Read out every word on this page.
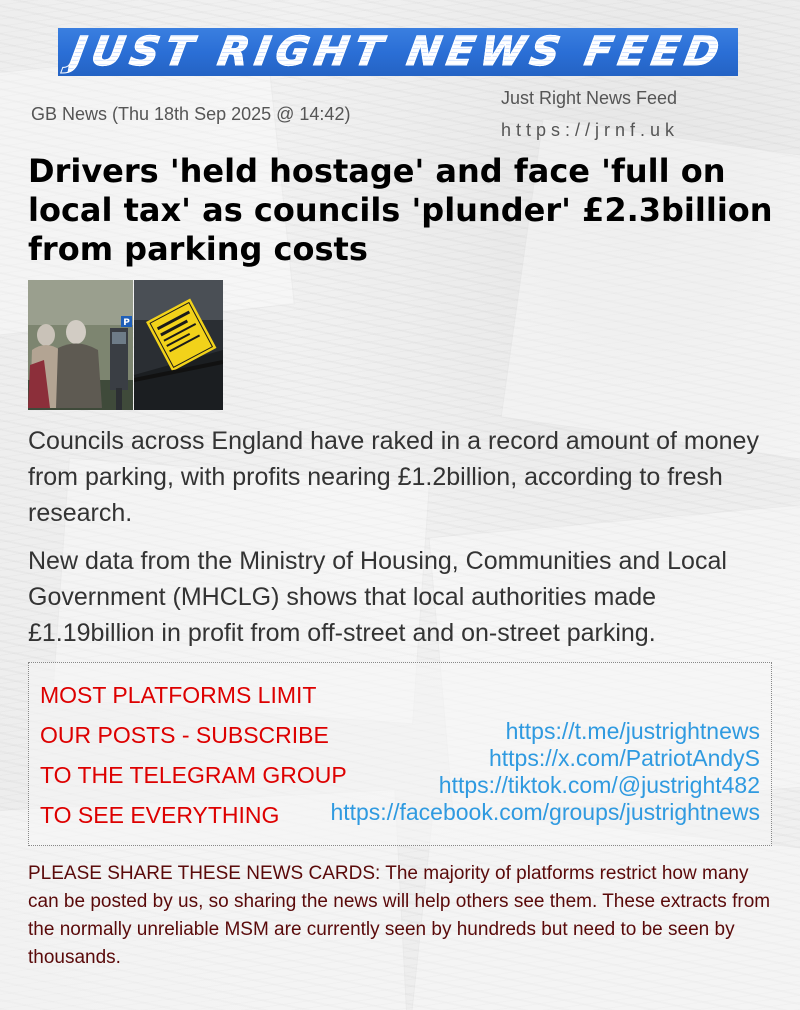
JUST RIGHT NEWS FEED
GB News (Thu 18th Sep 2025 @ 14:42)
Just Right News Feed
https://jrnf.uk
Drivers 'held hostage' and face 'full on local tax' as councils 'plunder' £2.3billion from parking costs
P

Councils across England have raked in a record amount of money from parking, with profits nearing £1.2billion, according to fresh research.

New data from the Ministry of Housing, Communities and Local Government (MHCLG) shows that local authorities made £1.19billion in profit from off-street and on-street parking.

MOST PLATFORMS LIMIT
OUR POSTS - SUBSCRIBE
TO THE TELEGRAM GROUP
TO SEE EVERYTHING
https://t.me/justrightnews
https://x.com/PatriotAndyS
https://tiktok.com/@justright482
https://facebook.com/groups/justrightnews

PLEASE SHARE THESE NEWS CARDS: The majority of platforms restrict how many can be posted by us, so sharing the news will help others see them. These extracts from the normally unreliable MSM are currently seen by hundreds but need to be seen by thousands.
